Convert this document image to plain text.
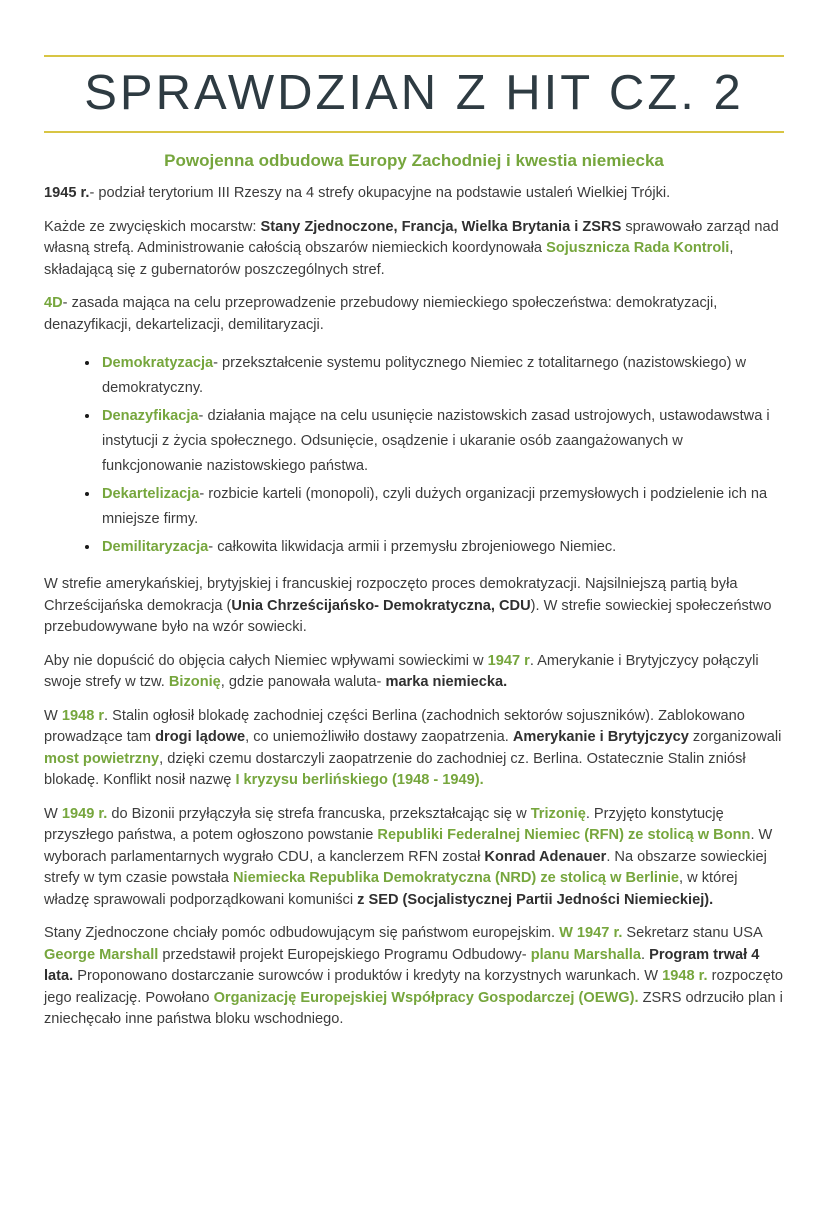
SPRAWDZIAN Z HIT CZ. 2
Powojenna odbudowa Europy Zachodniej i kwestia niemiecka

1945 r.- podział terytorium III Rzeszy na 4 strefy okupacyjne na podstawie ustaleń Wielkiej Trójki.

Każde ze zwycięskich mocarstw: Stany Zjednoczone, Francja, Wielka Brytania i ZSRS sprawowało zarząd nad własną strefą. Administrowanie całością obszarów niemieckich koordynowała Sojusznicza Rada Kontroli, składającą się z gubernatorów poszczególnych stref.

4D- zasada mająca na celu przeprowadzenie przebudowy niemieckiego społeczeństwa: demokratyzacji, denazyfikacji, dekartelizacji, demilitaryzacji.

• Demokratyzacja- przekształcenie systemu politycznego Niemiec z totalitarnego (nazistowskiego) w demokratyczny.
• Denazyfikacja- działania mające na celu usunięcie nazistowskich zasad ustrojowych, ustawodawstwa i instytucji z życia społecznego. Odsunięcie, osądzenie i ukaranie osób zaangażowanych w funkcjonowanie nazistowskiego państwa.
• Dekartelizacja- rozbicie karteli (monopoli), czyli dużych organizacji przemysłowych i podzielenie ich na mniejsze firmy.
• Demilitaryzacja- całkowita likwidacja armii i przemysłu zbrojeniowego Niemiec.

W strefie amerykańskiej, brytyjskiej i francuskiej rozpoczęto proces demokratyzacji. Najsilniejszą partią była Chrześcijańska demokracja (Unia Chrześcijańsko- Demokratyczna, CDU). W strefie sowieckiej społeczeństwo przebudowywane było na wzór sowiecki.

Aby nie dopuścić do objęcia całych Niemiec wpływami sowieckimi w 1947 r. Amerykanie i Brytyjczycy połączyli swoje strefy w tzw. Bizonię, gdzie panowała waluta- marka niemiecka.

W 1948 r. Stalin ogłosił blokadę zachodniej części Berlina (zachodnich sektorów sojuszników). Zablokowano prowadzące tam drogi lądowe, co uniemożliwiło dostawy zaopatrzenia. Amerykanie i Brytyjczycy zorganizowali most powietrzny, dzięki czemu dostarczyli zaopatrzenie do zachodniej cz. Berlina. Ostatecznie Stalin zniósł blokadę. Konflikt nosił nazwę I kryzysu berlińskiego (1948 - 1949).

W 1949 r. do Bizonii przyłączyła się strefa francuska, przekształcając się w Trizonię. Przyjęto konstytucję przyszłego państwa, a potem ogłoszono powstanie Republiki Federalnej Niemiec (RFN) ze stolicą w Bonn. W wyborach parlamentarnych wygrało CDU, a kanclerzem RFN został Konrad Adenauer. Na obszarze sowieckiej strefy w tym czasie powstała Niemiecka Republika Demokratyczna (NRD) ze stolicą w Berlinie, w której władzę sprawowali podporządkowani komuniści z SED (Socjalistycznej Partii Jedności Niemieckiej).

Stany Zjednoczone chciały pomóc odbudowującym się państwom europejskim. W 1947 r. Sekretarz stanu USA George Marshall przedstawił projekt Europejskiego Programu Odbudowy- planu Marshalla. Program trwał 4 lata. Proponowano dostarczanie surowców i produktów i kredyty na korzystnych warunkach. W 1948 r. rozpoczęto jego realizację. Powołano Organizację Europejskiej Współpracy Gospodarczej (OEWG). ZSRS odrzuciło plan i zniechęcało inne państwa bloku wschodniego.
